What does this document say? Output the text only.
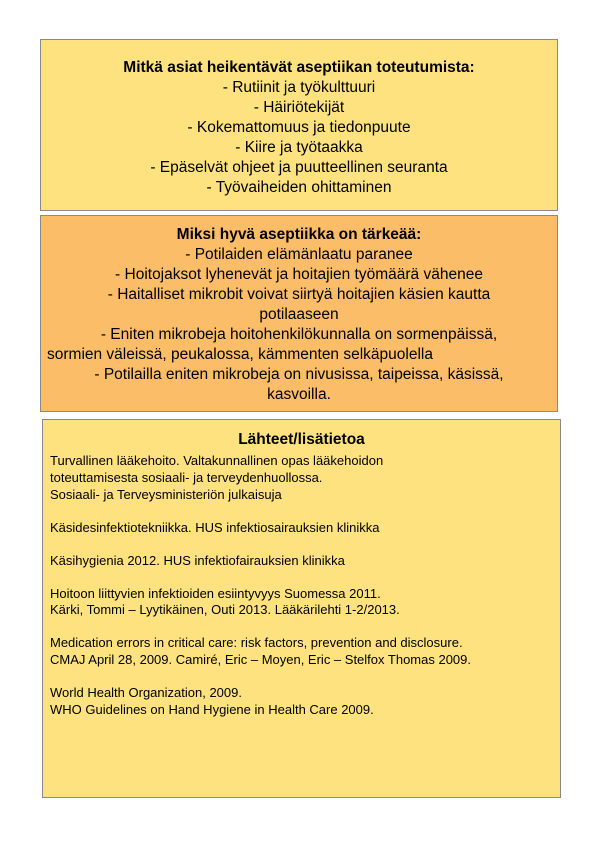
Mitkä asiat heikentävät aseptiikan toteutumista:

- Rutiinit ja työkulttuuri

- Häiriötekijät

- Kokemattomuus ja tiedonpuute

- Kiire ja työtaakka

- Epäselvät ohjeet ja puutteellinen seuranta

- Työvaiheiden ohittaminen

Miksi hyvä aseptiikka on tärkeää:

- Potilaiden elämänlaatu paranee

- Hoitojaksot lyhenevät ja hoitajien työmäärä vähenee

- Haitalliset mikrobit voivat siirtyä hoitajien käsien kautta

potilaaseen

- Eniten mikrobeja hoitohenkilökunnalla on sormenpäissä,

sormien väleissä, peukalossa, kämmenten selkäpuolella

- Potilailla eniten mikrobeja on nivusissa, taipeissa, käsissä,

kasvoilla.

Lähteet/lisätietoa

Turvallinen lääkehoito. Valtakunnallinen opas lääkehoidon
toteuttamisesta sosiaali- ja terveydenhuollossa.
Sosiaali- ja Terveysministeriön julkaisuja

Käsidesinfektiotekniikka. HUS infektiosairauksien klinikka

Käsihygienia 2012. HUS infektiofairauksien klinikka

Hoitoon liittyvien infektioiden esiintyvyys Suomessa 2011.
Kärki, Tommi – Lyytikäinen, Outi 2013. Lääkärilehti 1-2/2013.

Medication errors in critical care: risk factors, prevention and disclosure.
CMAJ April 28, 2009. Camiré, Eric – Moyen, Eric – Stelfox Thomas 2009.

World Health Organization, 2009.
WHO Guidelines on Hand Hygiene in Health Care 2009.
